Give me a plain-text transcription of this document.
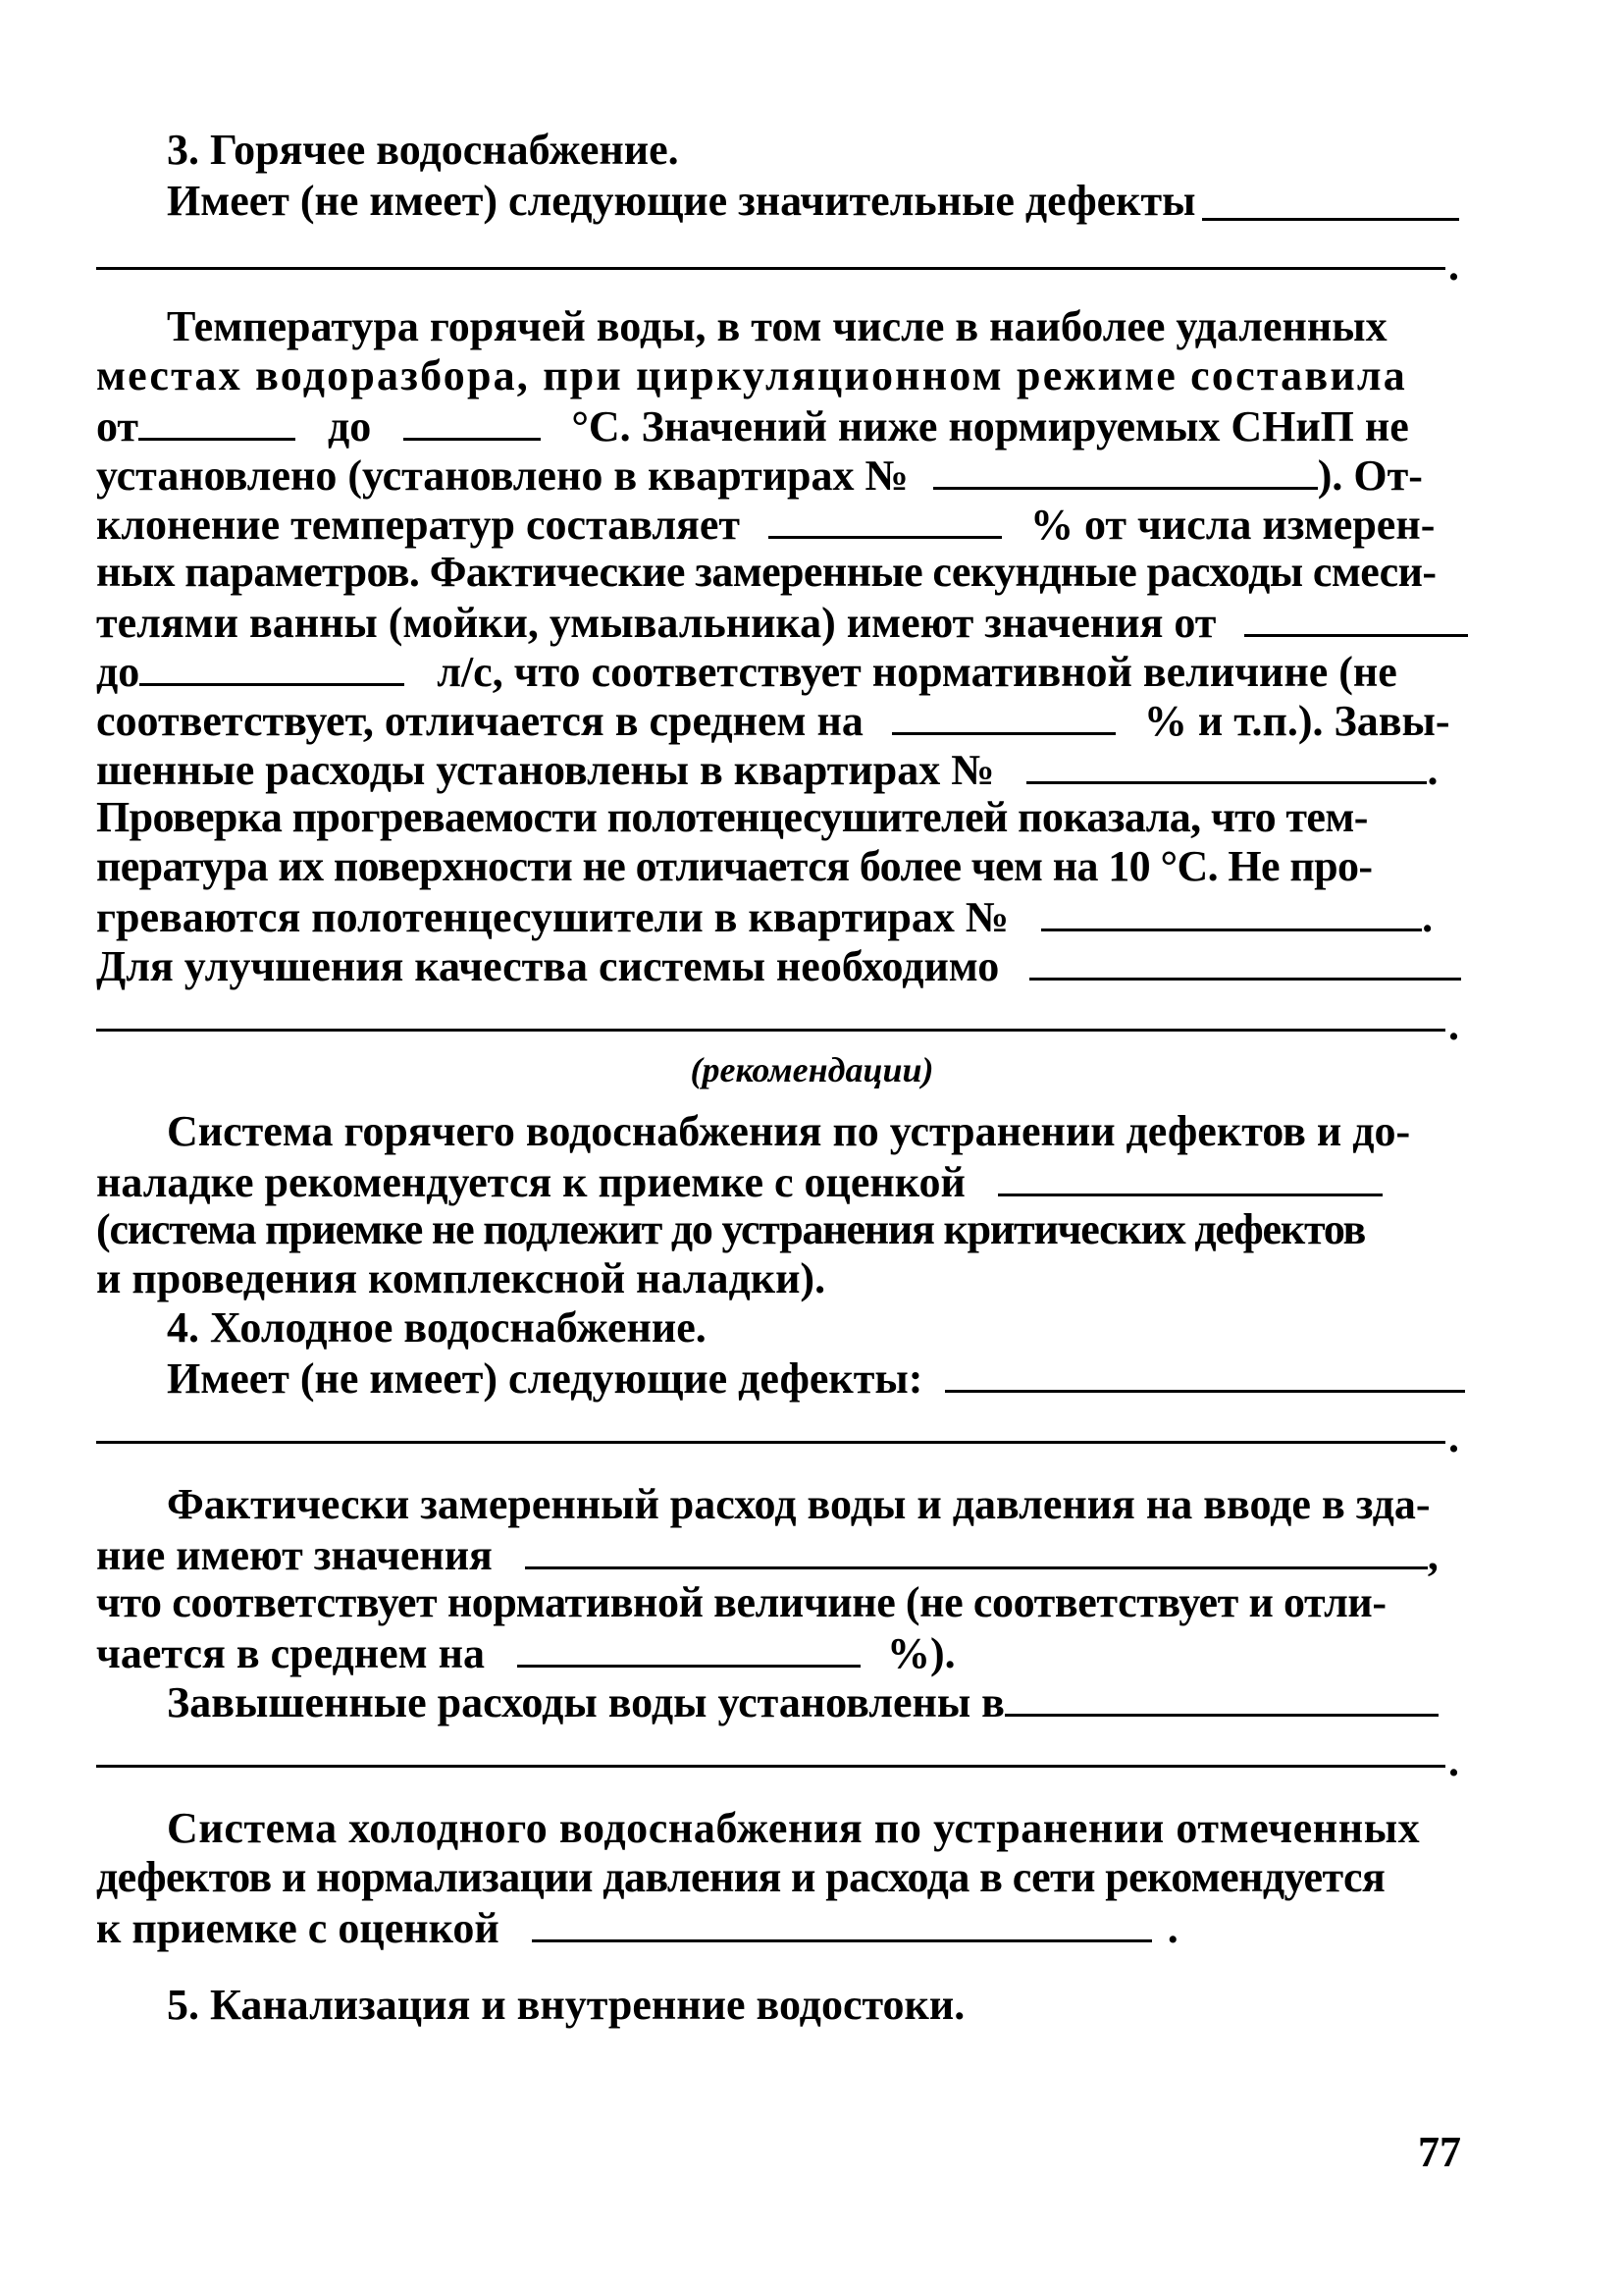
3. Горячее водоснабжение.
Имеет (не имеет) следующие значительные дефекты
.
Температура горячей воды, в том числе в наиболее удаленных
местах водоразбора, при циркуляционном режиме составила
от	до	°С. Значений ниже нормируемых СНиП не
установлено (установлено в квартирах №	). От-
клонение температур составляет	% от числа измерен-
ных параметров. Фактические замеренные секундные расходы смеси-
телями ванны (мойки, умывальника) имеют значения от
до	л/с, что соответствует нормативной величине (не
соответствует, отличается в среднем на	% и т.п.). Завы-
шенные расходы установлены в квартирах №	.
Проверка прогреваемости полотенцесушителей показала, что тем-
пература их поверхности не отличается более чем на 10 °С. Не про-
греваются полотенцесушители в квартирах №	.
Для улучшения качества системы необходимо
.
(рекомендации)
Система горячего водоснабжения по устранении дефектов и до-
наладке рекомендуется к приемке с оценкой
(система приемке не подлежит до устранения критических дефектов
и проведения комплексной наладки).
4. Холодное водоснабжение.
Имеет (не имеет) следующие дефекты:
.
Фактически замеренный расход воды и давления на вводе в зда-
ние имеют значения	,
что соответствует нормативной величине (не соответствует и отли-
чается в среднем на	%).
Завышенные расходы воды установлены в
.
Система холодного водоснабжения по устранении отмеченных
дефектов и нормализации давления и расхода в сети рекомендуется
к приемке с оценкой	.
5. Канализация и внутренние водостоки.
77
